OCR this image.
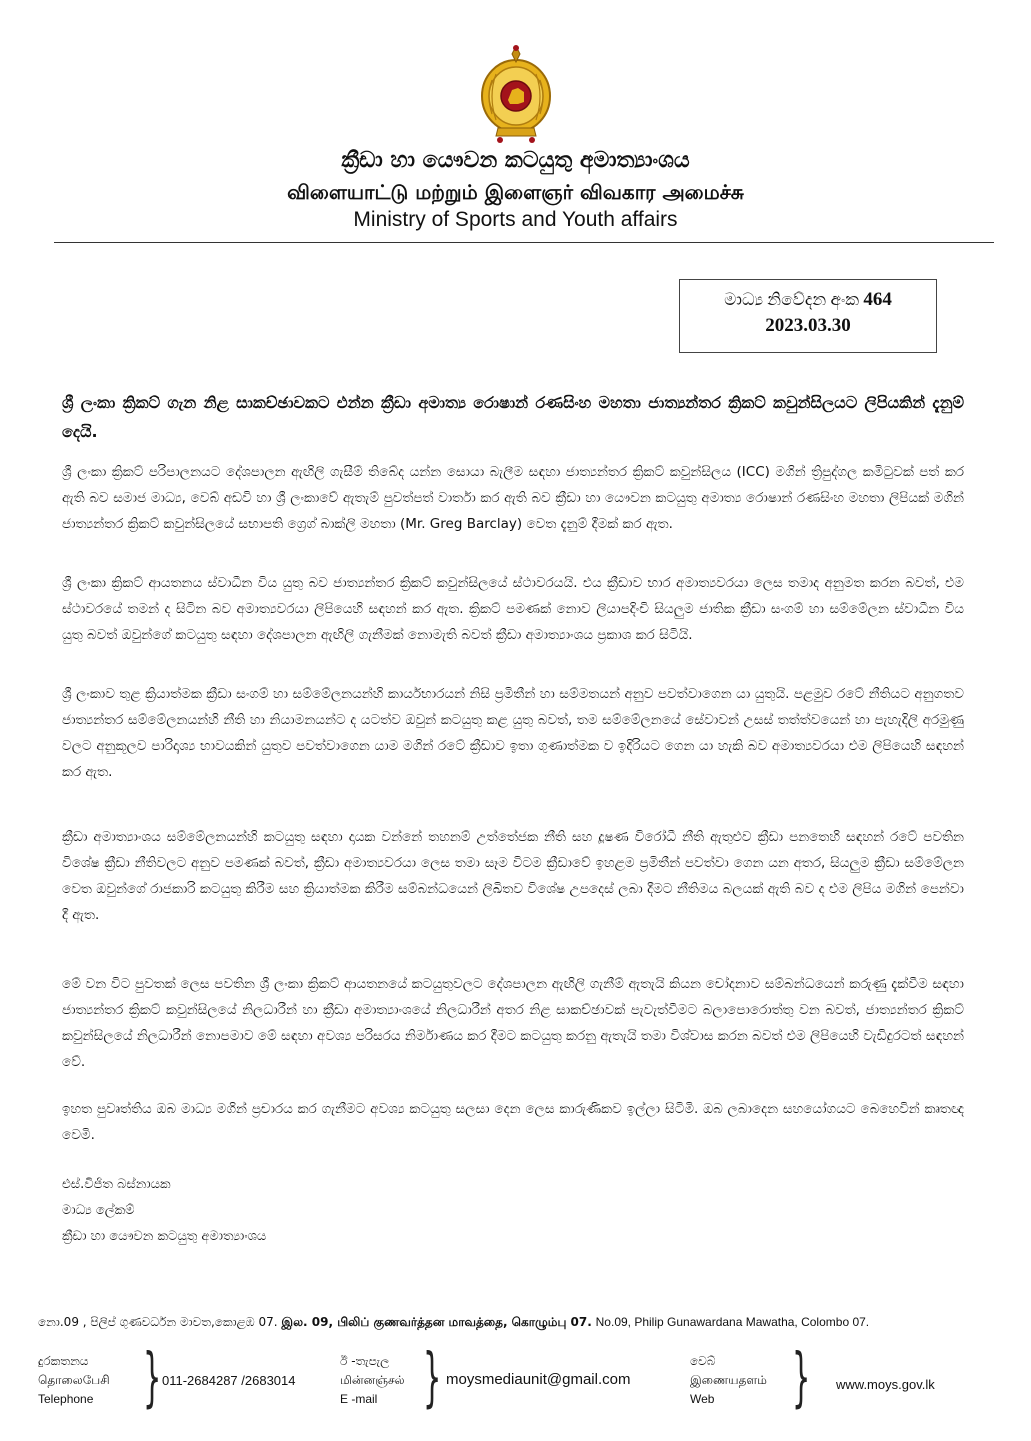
ක්‍රීඩා හා යෞවන කටයුතු අමාත්‍යාංශය
விளையாட்டு மற்றும் இளைஞர் விவகார அமைச்சு
Ministry of Sports and Youth affairs
මාධ්‍ය නිවේදන අංක 464
2023.03.30
ශ්‍රී ලංකා ක්‍රිකට් ගැන නිළ සාකච්ඡාවකට එන්න ක්‍රීඩා අමාත්‍ය රොෂාන් රණසිංහ මහතා ජාත්‍යන්තර ක්‍රිකට් කවුන්සිලයට ලිපියකින් දැනුම් දෙයි.
ශ්‍රී ලංකා ක්‍රිකට් පරිපාලනයට දේශපාලන ඇඟිලි ගැසීම් තිබේද යන්න සොයා බැලීම සඳහා ජාත්‍යන්තර ක්‍රිකට් කවුන්සිලය (ICC) මගින් ත්‍රිපුද්ගල කමිටුවක් පත් කර ඇති බව සමාජ මාධ්‍ය, වෙබ් අඩවි හා ශ්‍රී ලංකාවේ ඇතැම් පුවත්පත් වාර්තා කර ඇති බව ක්‍රීඩා හා යෞවන කටයුතු අමාත්‍ය රොෂාන් රණසිංහ මහතා ලිපියක් මගින් ජාත්‍යන්තර ක්‍රිකට් කවුන්සිලයේ සභාපති ග්‍රෙග් බාක්ලි මහතා (Mr. Greg Barclay) වෙත දැනුම් දීමක් කර ඇත.
ශ්‍රී ලංකා ක්‍රිකට් ආයතනය ස්වාධීන විය යුතු බව ජාත්‍යන්තර ක්‍රිකට් කවුන්සිලයේ ස්ථාවරයයි. එය ක්‍රීඩාව භාර අමාත්‍යවරයා ලෙස තමාද අනුමත කරන බවත්, එම ස්ථාවරයේ තමන් ද සිටින බව අමාත්‍යවරයා ලිපියෙහි සඳහන් කර ඇත. ක්‍රිකට් පමණක් නොව ලියාපදිංචි සියලුම ජාතික ක්‍රීඩා සංගම් හා සම්මේලන ස්වාධීන විය යුතු බවත් ඔවුන්ගේ කටයුතු සඳහා දේශපාලන ඇඟිලි ගැනීමක් නොමැති බවත් ක්‍රීඩා අමාත්‍යාංශය ප්‍රකාශ කර සිටියි.
ශ්‍රී ලංකාව තුළ ක්‍රියාත්මක ක්‍රීඩා සංගම් හා සම්මේලනයන්හි කාර්යභාරයන් නිසි ප්‍රමිතීන් හා සම්මතයන් අනුව පවත්වාගෙන යා යුතුයි. පළමුව රටේ නීතියට අනුගතව ජාත්‍යන්තර සම්මේලනයන්හි නීති හා නියාමනයන්ට ද යටත්ව ඔවුන් කටයුතු කළ යුතු බවත්, තම සම්මේලනයේ සේවාවන් උසස් තත්ත්වයෙන් හා පැහැදිලි අරමුණු වලට අනුකූලව පාරිදෘශ්‍ය භාවයකින් යුතුව පවත්වාගෙන යාම මගින් රටේ ක්‍රීඩාව ඉතා ගුණාත්මක ව ඉදිරියට ගෙන යා හැකි බව අමාත්‍යවරයා එම ලිපියෙහි සඳහන් කර ඇත.
ක්‍රීඩා අමාත්‍යාංශය සම්මේලනයන්හි කටයුතු සඳහා දායක වන්නේ තහනම් උත්තේජක නීති සහ දූෂණ විරෝධී නීති ඇතුළුව ක්‍රීඩා පනතෙහි සඳහන් රටේ පවතින විශේෂ ක්‍රීඩා නීතිවලට අනුව පමණක් බවත්, ක්‍රීඩා අමාත්‍යවරයා ලෙස තමා සෑම විටම ක්‍රීඩාවේ ඉහළම ප්‍රමිතීන් පවත්වා ගෙන යන අතර, සියලුම ක්‍රීඩා සම්මේලන වෙත ඔවුන්ගේ රාජකාරි කටයුතු කිරීම සහ ක්‍රියාත්මක කිරීම සම්බන්ධයෙන් ලිඛිතව විශේෂ උපදෙස් ලබා දීමට නීතිමය බලයක් ඇති බව ද එම ලිපිය මගින් පෙන්වා දී ඇත.
මේ වන විට පුවතක් ලෙස පවතින ශ්‍රී ලංකා ක්‍රිකට් ආයතනයේ කටයුතුවලට දේශපාලන ඇඟිලි ගැනීම් ඇතැයි කියන චෝදනාව සම්බන්ධයෙන් කරුණු දැක්වීම සඳහා ජාත්‍යන්තර ක්‍රිකට් කවුන්සිලයේ නිලධාරීන් හා ක්‍රීඩා අමාත්‍යාංශයේ නිලධාරීන් අතර නිළ සාකච්ඡාවක් පැවැත්වීමට බලාපොරොත්තු වන බවත්, ජාත්‍යන්තර ක්‍රිකට් කවුන්සිලයේ නිලධාරීන් නොපමාව මේ සඳහා අවශ්‍ය පරිසරය නිර්මාණය කර දීමට කටයුතු කරනු ඇතැයි තමා විශ්වාස කරන බවත් එම ලිපියෙහි වැඩිදුරටත් සඳහන් වේ.
ඉහත පුවෘත්තිය ඔබ මාධ්‍ය මගින් ප්‍රචාරය කර ගැනීමට අවශ්‍ය කටයුතු සලසා දෙන ලෙස කාරුණිකව ඉල්ලා සිටිමි. ඔබ ලබාදෙන සහයෝගයට බෙහෙවින් කෘතඥ වෙමි.
එස්.විජිත බස්නායක
මාධ්‍ය ලේකම්
ක්‍රීඩා හා යෞවන කටයුතු අමාත්‍යාංශය
නො.09 , පිලිප් ගුණවර්ධන මාවත,කොළඹ 07. இல. 09, பிலிப் குணவர்த்தன மாவத்தை, கொழும்பு 07. No.09, Philip Gunawardana Mawatha, Colombo 07.
දුරකතනය
தொலைபேசி
Telephone } 011-2684287 /2683014
ඊ -තැපැල
மின்னஞ்சல்
E -mail } moysmediaunit@gmail.com
වෙබ්
இணையதளம்
Web	} www.moys.gov.lk
